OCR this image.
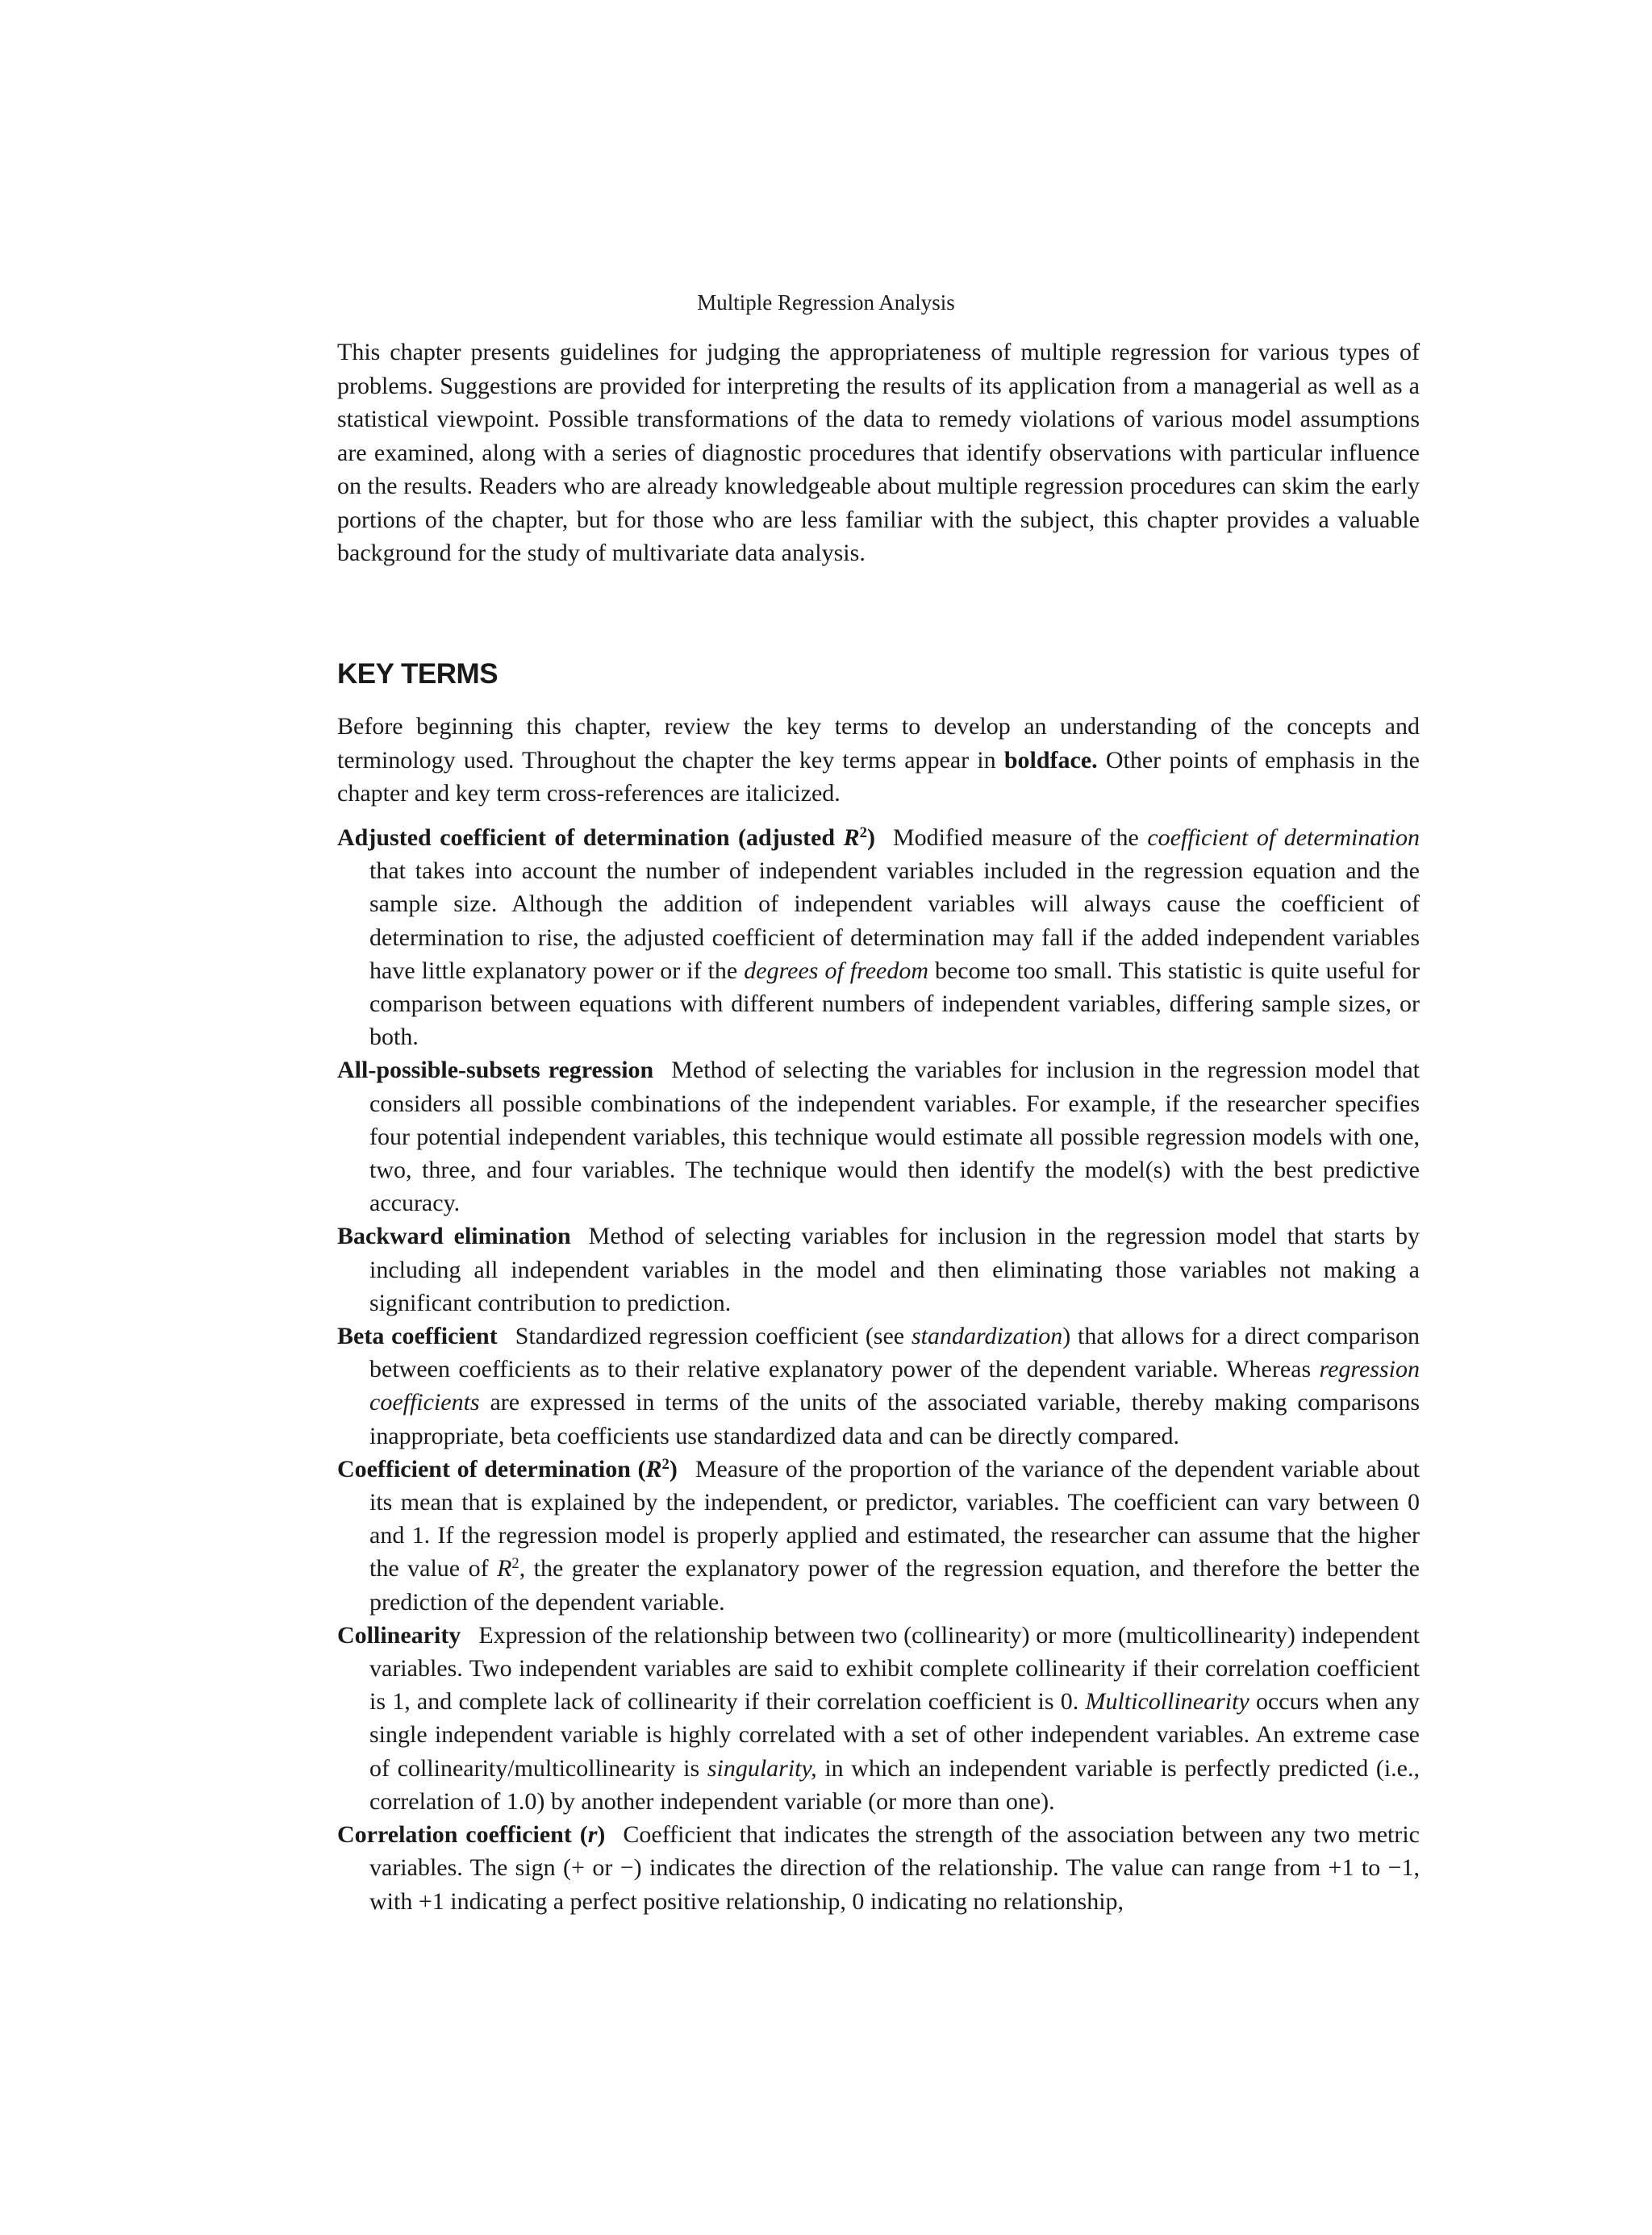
Multiple Regression Analysis

This chapter presents guidelines for judging the appropriateness of multiple regression for various types of problems. Suggestions are provided for interpreting the results of its application from a managerial as well as a statistical viewpoint. Possible transformations of the data to remedy violations of various model assumptions are examined, along with a series of diagnostic procedures that identify observations with particular influence on the results. Readers who are already knowledgeable about multiple regression procedures can skim the early portions of the chapter, but for those who are less familiar with the subject, this chapter provides a valuable background for the study of multivariate data analysis.

KEY TERMS

Before beginning this chapter, review the key terms to develop an understanding of the concepts and terminology used. Throughout the chapter the key terms appear in boldface. Other points of emphasis in the chapter and key term cross-references are italicized.

Adjusted coefficient of determination (adjusted $R^2$) Modified measure of the coefficient of determination that takes into account the number of independent variables included in the regression equation and the sample size. Although the addition of independent variables will always cause the coefficient of determination to rise, the adjusted coefficient of determination may fall if the added independent variables have little explanatory power or if the degrees of freedom become too small. This statistic is quite useful for comparison between equations with different numbers of independent variables, differing sample sizes, or both.

All-possible-subsets regression Method of selecting the variables for inclusion in the regression model that considers all possible combinations of the independent variables. For example, if the researcher specifies four potential independent variables, this technique would estimate all possible regression models with one, two, three, and four variables. The technique would then identify the model(s) with the best predictive accuracy.

Backward elimination Method of selecting variables for inclusion in the regression model that starts by including all independent variables in the model and then eliminating those variables not making a significant contribution to prediction.

Beta coefficient Standardized regression coefficient (see standardization) that allows for a direct comparison between coefficients as to their relative explanatory power of the dependent variable. Whereas regression coefficients are expressed in terms of the units of the associated variable, thereby making comparisons inappropriate, beta coefficients use standardized data and can be directly compared.

Coefficient of determination $(R^2)$ Measure of the proportion of the variance of the dependent variable about its mean that is explained by the independent, or predictor, variables. The coefficient can vary between 0 and 1. If the regression model is properly applied and estimated, the researcher can assume that the higher the value of $R^2$, the greater the explanatory power of the regression equation, and therefore the better the prediction of the dependent variable.

Collinearity Expression of the relationship between two (collinearity) or more (multicollinearity) independent variables. Two independent variables are said to exhibit complete collinearity if their correlation coefficient is 1, and complete lack of collinearity if their correlation coefficient is 0. Multicollinearity occurs when any single independent variable is highly correlated with a set of other independent variables. An extreme case of collinearity/multicollinearity is singularity, in which an independent variable is perfectly predicted (i.e., correlation of 1.0) by another independent variable (or more than one).

Correlation coefficient (r) Coefficient that indicates the strength of the association between any two metric variables. The sign (+ or −) indicates the direction of the relationship. The value can range from +1 to −1, with +1 indicating a perfect positive relationship, 0 indicating no relationship,
